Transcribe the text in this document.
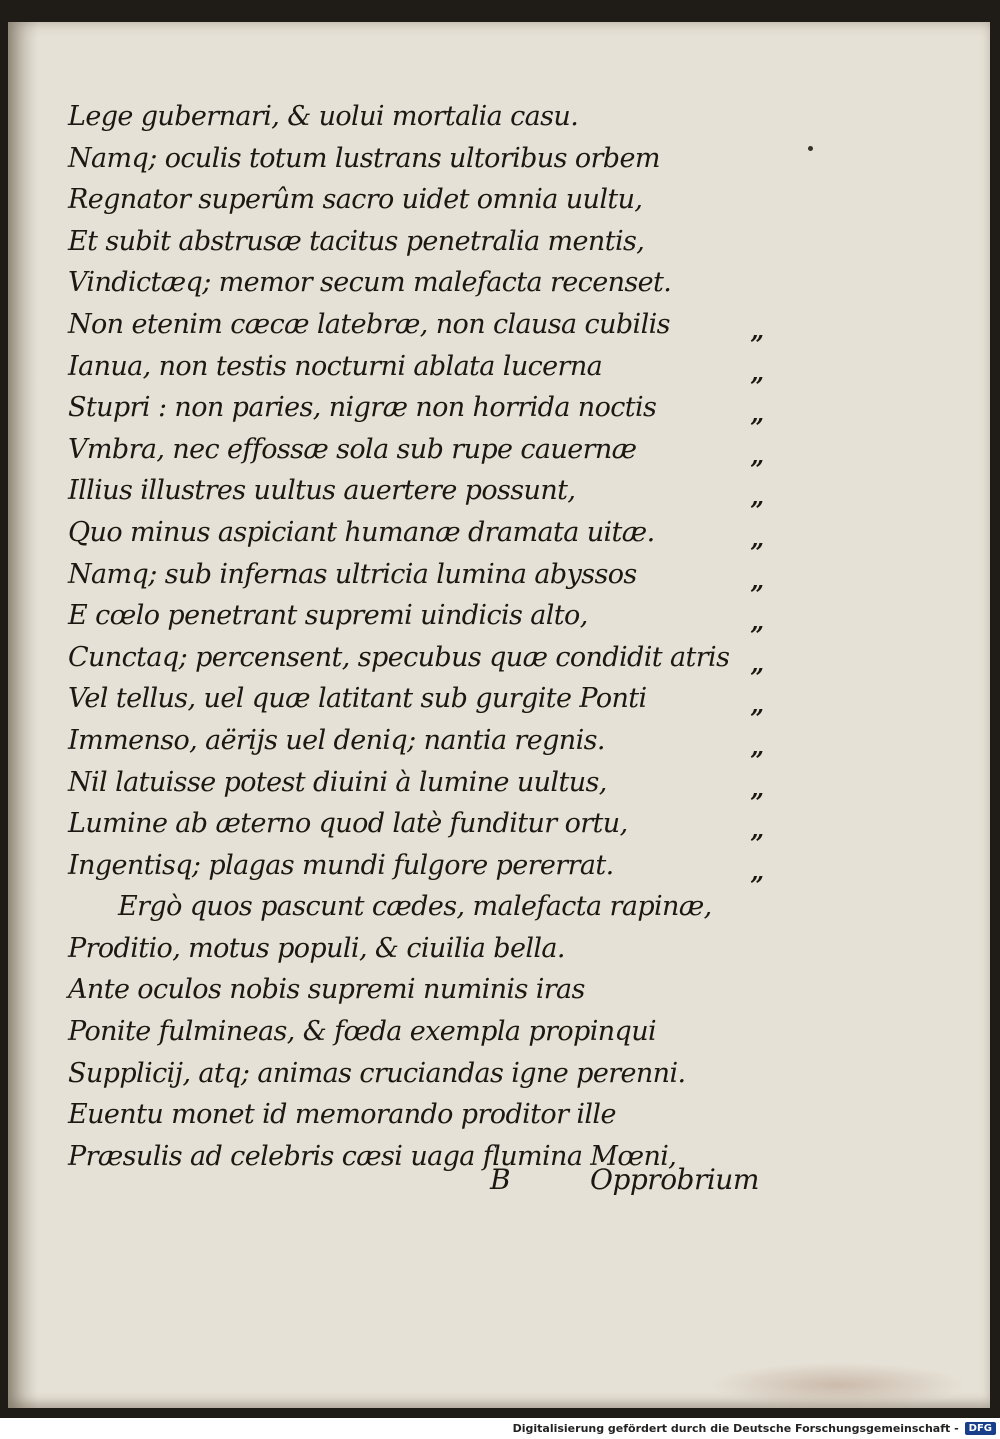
Lege gubernari, & uolui mortalia casu.
Namq; oculis totum lustrans ultoribus orbem
Regnator superûm sacro uidet omnia uultu,
Et subit abstrusæ tacitus penetralia mentis,
Vindictæq; memor secum malefacta recenset.
Non etenim cæcæ latebræ, non clausa cubilis
Ianua, non testis nocturni ablata lucerna
Stupri : non paries, nigræ non horrida noctis
Vmbra, nec effossæ sola sub rupe cauernæ
Illius illustres uultus auertere possunt,
Quo minus aspiciant humanæ dramata uitæ.
Namq; sub infernas ultricia lumina abyssos
E cœlo penetrant supremi uindicis alto,
Cunctaq; percensent, specubus quæ condidit atris
Vel tellus, uel quæ latitant sub gurgite Ponti
Immenso, aërijs uel deniq; nantia regnis.
Nil latuisse potest diuini à lumine uultus,
Lumine ab æterno quod latè funditur ortu,
Ingentisq; plagas mundi fulgore pererrat.
Ergò quos pascunt cædes, malefacta rapinæ,
Proditio, motus populi, & ciuilia bella.
Ante oculos nobis supremi numinis iras
Ponite fulmineas, & fœda exempla propinqui
Supplicij, atq; animas cruciandas igne perenni.
Euentu monet id memorando proditor ille
Præsulis ad celebris cæsi uaga flumina Mœni,
”
”
”
”
”
”
”
”
”
”
”
”
”
”
B	Opprobrium
Digitalisierung gefördert durch die Deutsche Forschungsgemeinschaft -	DFG
